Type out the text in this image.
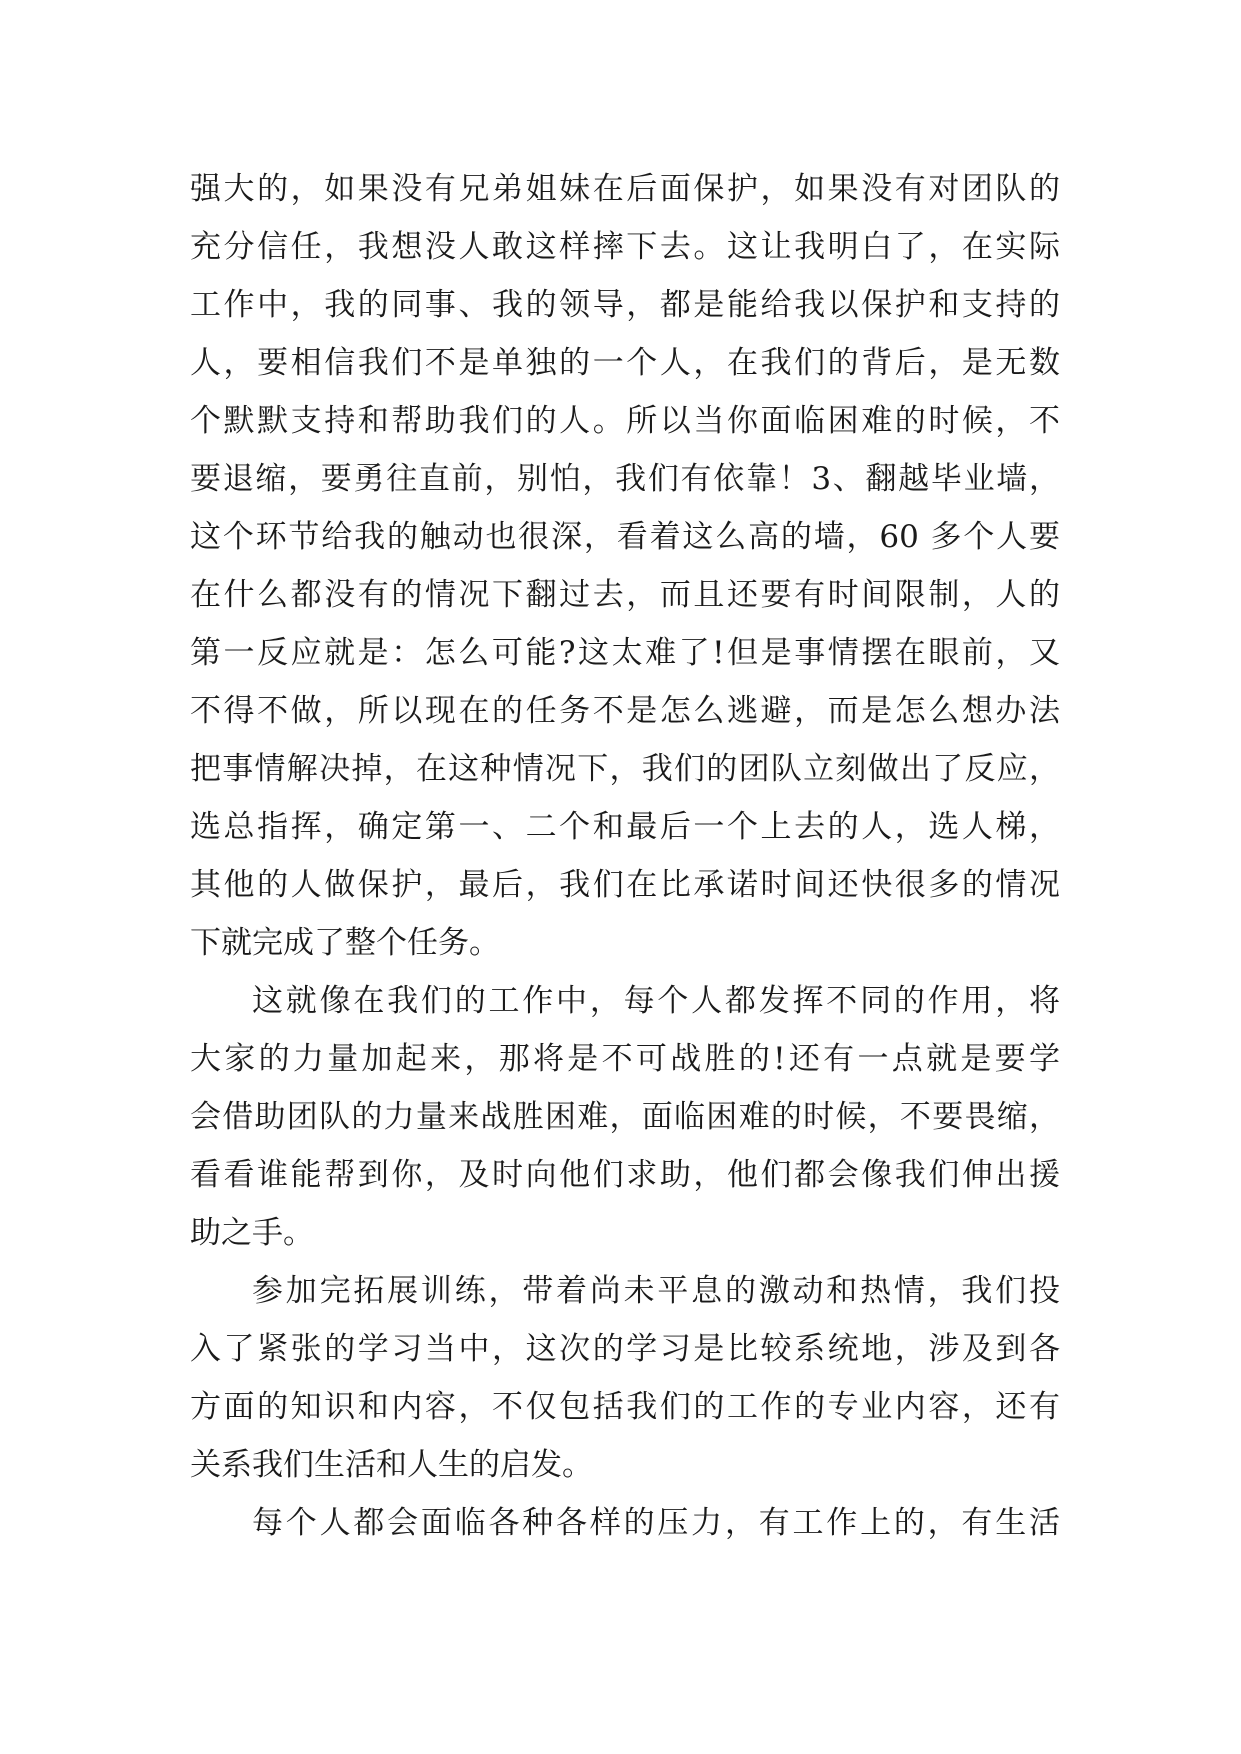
强大的，如果没有兄弟姐妹在后面保护，如果没有对团队的
充分信任，我想没人敢这样摔下去。这让我明白了，在实际
工作中，我的同事、我的领导，都是能给我以保护和支持的
人，要相信我们不是单独的一个人，在我们的背后，是无数
个默默支持和帮助我们的人。所以当你面临困难的时候，不
要退缩，要勇往直前，别怕，我们有依靠！3、翻越毕业墙，
这个环节给我的触动也很深，看着这么高的墙，60 多个人要
在什么都没有的情况下翻过去，而且还要有时间限制，人的
第一反应就是：怎么可能?这太难了!但是事情摆在眼前，又
不得不做，所以现在的任务不是怎么逃避，而是怎么想办法
把事情解决掉，在这种情况下，我们的团队立刻做出了反应，
选总指挥，确定第一、二个和最后一个上去的人，选人梯，
其他的人做保护，最后，我们在比承诺时间还快很多的情况
下就完成了整个任务。
这就像在我们的工作中，每个人都发挥不同的作用，将
大家的力量加起来，那将是不可战胜的!还有一点就是要学
会借助团队的力量来战胜困难，面临困难的时候，不要畏缩，
看看谁能帮到你，及时向他们求助，他们都会像我们伸出援
助之手。
参加完拓展训练，带着尚未平息的激动和热情，我们投
入了紧张的学习当中，这次的学习是比较系统地，涉及到各
方面的知识和内容，不仅包括我们的工作的专业内容，还有
关系我们生活和人生的启发。
每个人都会面临各种各样的压力，有工作上的，有生活
